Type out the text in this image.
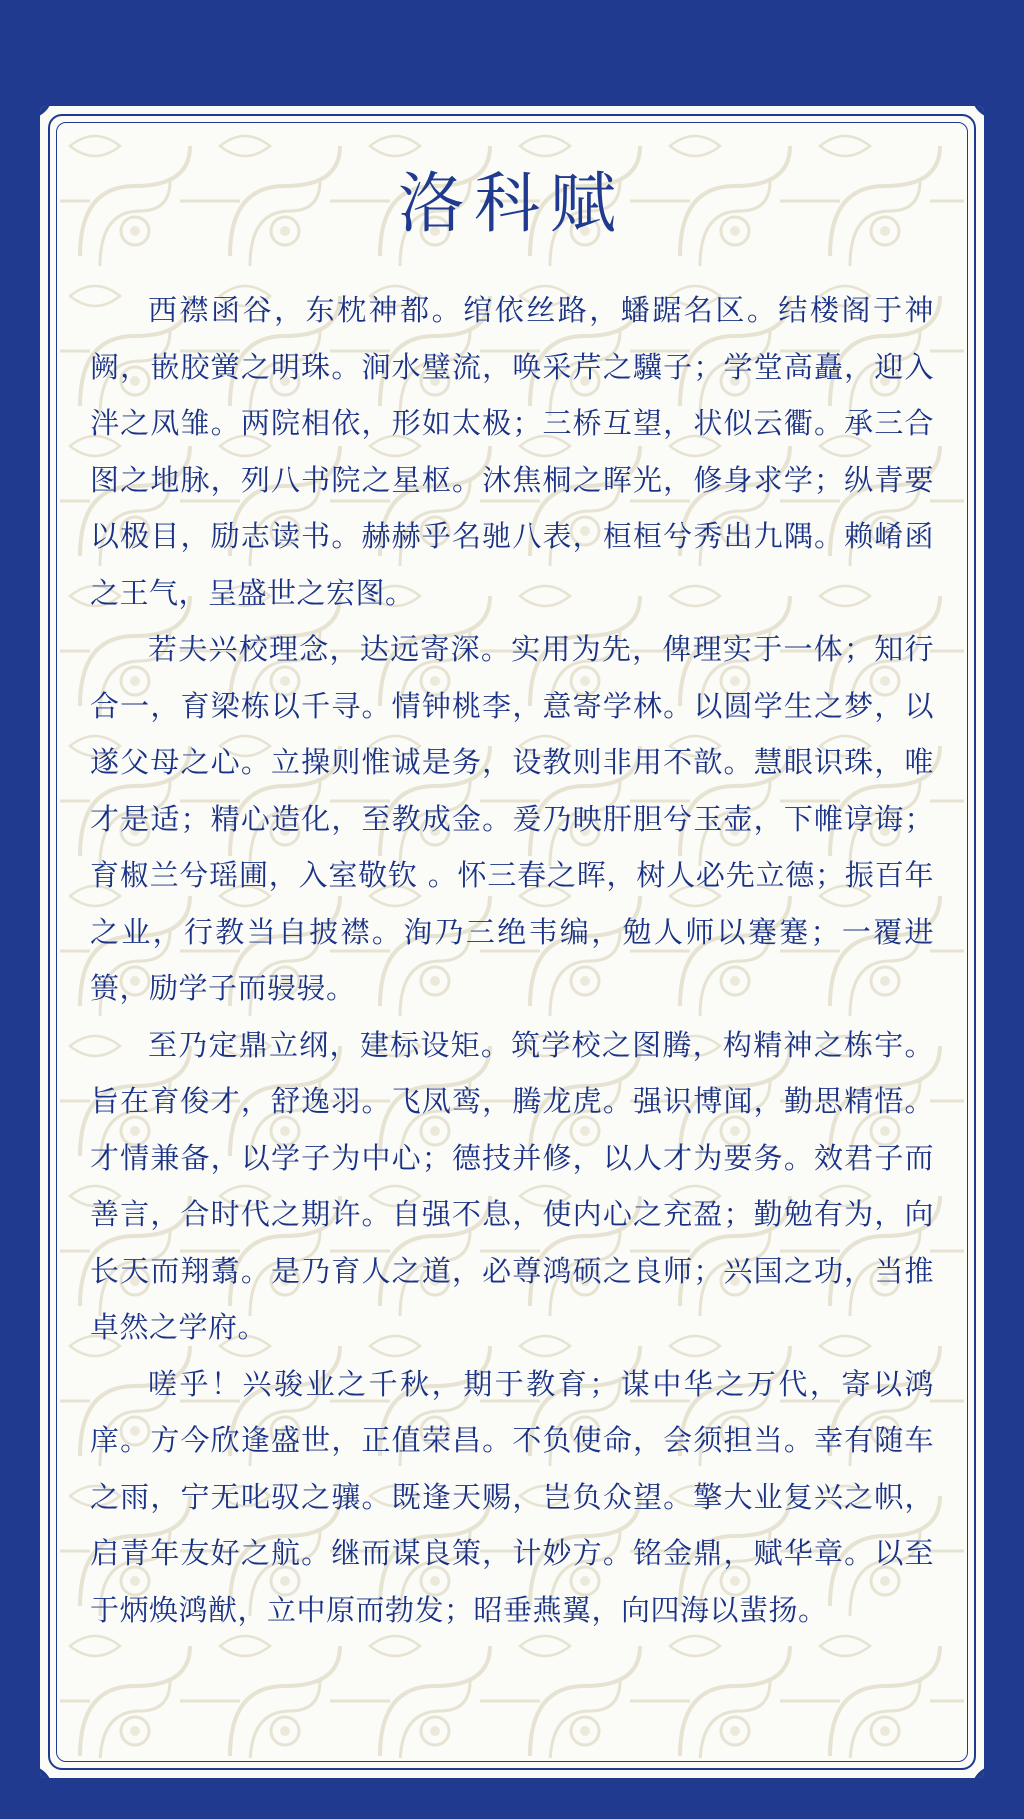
洛科赋

西襟函谷，东枕神都。绾依丝路，蟠踞名区。结楼阁于神阙，嵌胶黉之明珠。涧水璧流，唤采芹之驥子；学堂高矗，迎入泮之凤雏。两院相依，形如太极；三桥互望，状似云衢。承三合图之地脉，列八书院之星枢。沐焦桐之晖光，修身求学；纵青要以极目，励志读书。赫赫乎名驰八表，桓桓兮秀出九隅。赖崤函之王气，呈盛世之宏图。

若夫兴校理念，达远寄深。实用为先，俾理实于一体；知行合一，育梁栋以千寻。情钟桃李，意寄学林。以圆学生之梦，以遂父母之心。立操则惟诚是务，设教则非用不歆。慧眼识珠，唯才是适；精心造化，至教成金。爰乃映肝胆兮玉壶，下帷谆诲；育椒兰兮瑶圃，入室敬钦 。怀三春之晖，树人必先立德；振百年之业，行教当自披襟。洵乃三绝韦编，勉人师以蹇蹇；一覆进篑，励学子而骎骎。

至乃定鼎立纲，建标设矩。筑学校之图腾，构精神之栋宇。旨在育俊才，舒逸羽。飞凤鸾，腾龙虎。强识博闻，勤思精悟。才情兼备，以学子为中心；德技并修，以人才为要务。效君子而善言，合时代之期许。自强不息，使内心之充盈；勤勉有为，向长天而翔翥。是乃育人之道，必尊鸿硕之良师；兴国之功，当推卓然之学府。

嗟乎！兴骏业之千秋，期于教育；谋中华之万代，寄以鸿庠。方今欣逢盛世，正值荣昌。不负使命，会须担当。幸有随车之雨，宁无叱驭之骧。既逢天赐，岂负众望。擎大业复兴之帜，启青年友好之航。继而谋良策，计妙方。铭金鼎，赋华章。以至于炳焕鸿猷，立中原而勃发；昭垂燕翼，向四海以蜚扬。
